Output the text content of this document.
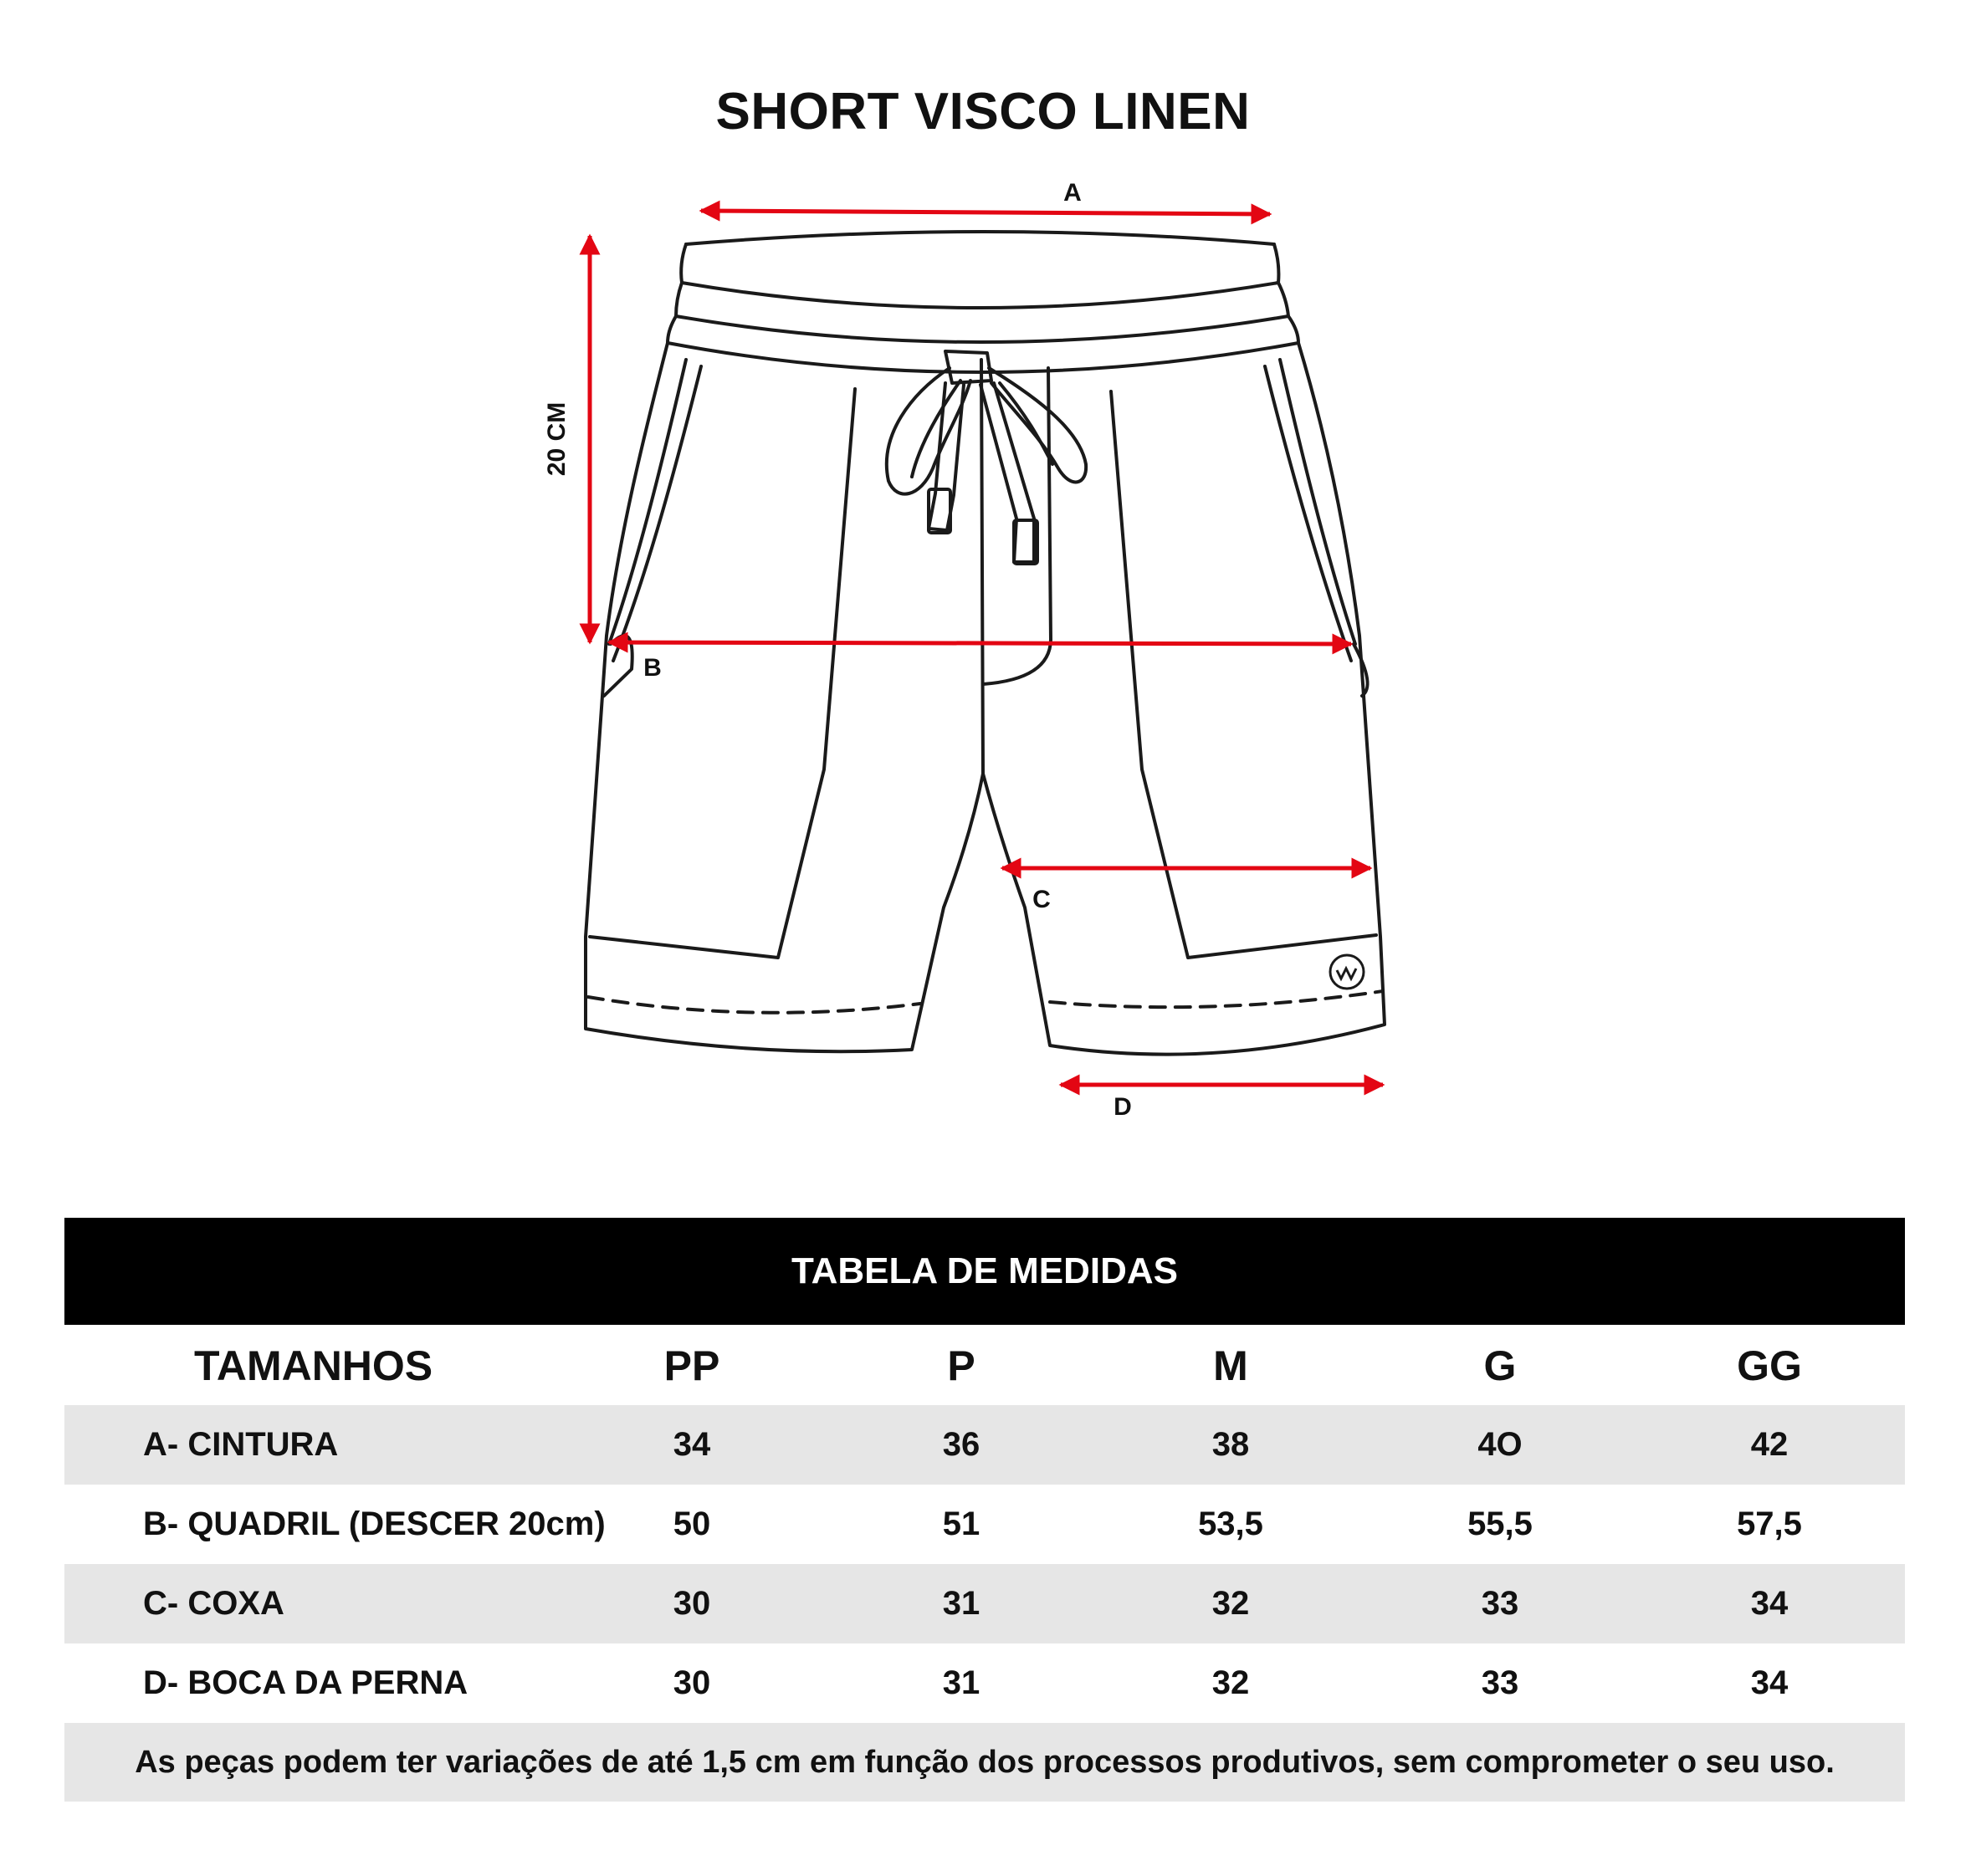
SHORT VISCO LINEN
A
B
C
D
20 CM
TABELA DE MEDIDAS
TAMANHOS	PP	P	M	G	GG
A- CINTURA	34	36	38	4O	42
B- QUADRIL (DESCER 20cm)	50	51	53,5	55,5	57,5
C- COXA	30	31	32	33	34
D- BOCA DA PERNA	30	31	32	33	34
As peças podem ter variações de até 1,5 cm em função dos processos produtivos, sem comprometer o seu uso.
